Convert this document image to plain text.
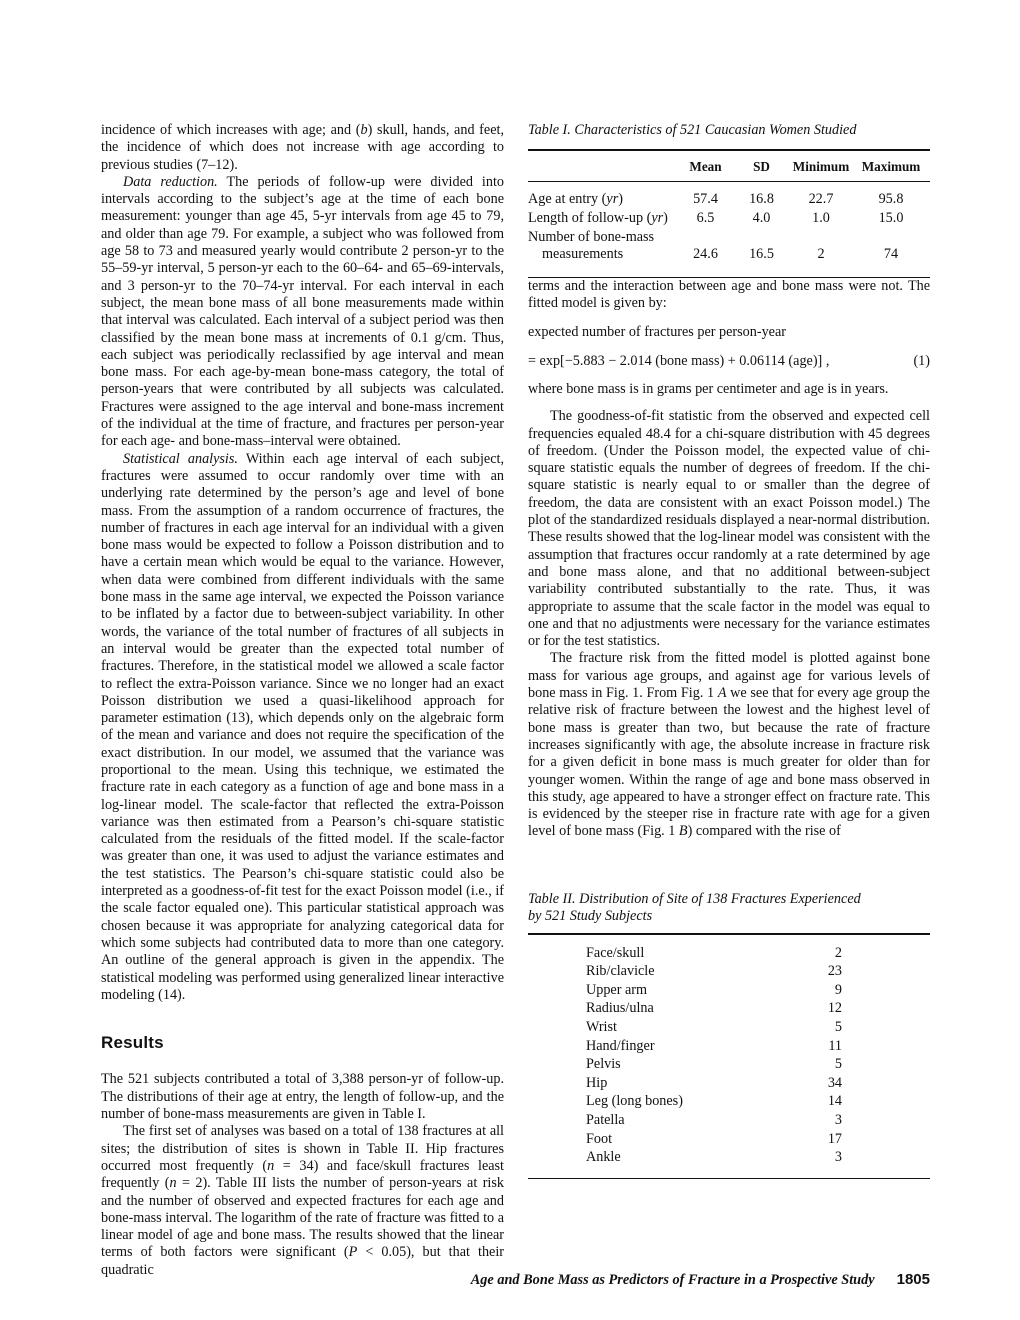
incidence of which increases with age; and (b) skull, hands, and feet, the incidence of which does not increase with age according to previous studies (7–12).

Data reduction. The periods of follow-up were divided into intervals according to the subject’s age at the time of each bone measurement: younger than age 45, 5-yr intervals from age 45 to 79, and older than age 79. For example, a subject who was followed from age 58 to 73 and measured yearly would contribute 2 person-yr to the 55–59-yr interval, 5 person-yr each to the 60–64- and 65–69-intervals, and 3 person-yr to the 70–74-yr interval. For each interval in each subject, the mean bone mass of all bone measurements made within that interval was calculated. Each interval of a subject period was then classified by the mean bone mass at increments of 0.1 g/cm. Thus, each subject was periodically reclassified by age interval and mean bone mass. For each age-by-mean bone-mass category, the total of person-years that were contributed by all subjects was calculated. Fractures were assigned to the age interval and bone-mass increment of the individual at the time of fracture, and fractures per person-year for each age- and bone-mass–interval were obtained.

Statistical analysis. Within each age interval of each subject, fractures were assumed to occur randomly over time with an underlying rate determined by the person’s age and level of bone mass. From the assumption of a random occurrence of fractures, the number of fractures in each age interval for an individual with a given bone mass would be expected to follow a Poisson distribution and to have a certain mean which would be equal to the variance. However, when data were combined from different individuals with the same bone mass in the same age interval, we expected the Poisson variance to be inflated by a factor due to between-subject variability. In other words, the variance of the total number of fractures of all subjects in an interval would be greater than the expected total number of fractures. Therefore, in the statistical model we allowed a scale factor to reflect the extra-Poisson variance. Since we no longer had an exact Poisson distribution we used a quasi-likelihood approach for parameter estimation (13), which depends only on the algebraic form of the mean and variance and does not require the specification of the exact distribution. In our model, we assumed that the variance was proportional to the mean. Using this technique, we estimated the fracture rate in each category as a function of age and bone mass in a log-linear model. The scale-factor that reflected the extra-Poisson variance was then estimated from a Pearson’s chi-square statistic calculated from the residuals of the fitted model. If the scale-factor was greater than one, it was used to adjust the variance estimates and the test statistics. The Pearson’s chi-square statistic could also be interpreted as a goodness-of-fit test for the exact Poisson model (i.e., if the scale factor equaled one). This particular statistical approach was chosen because it was appropriate for analyzing categorical data for which some subjects had contributed data to more than one category. An outline of the general approach is given in the appendix. The statistical modeling was performed using generalized linear interactive modeling (14).

Results

The 521 subjects contributed a total of 3,388 person-yr of follow-up. The distributions of their age at entry, the length of follow-up, and the number of bone-mass measurements are given in Table I.

The first set of analyses was based on a total of 138 fractures at all sites; the distribution of sites is shown in Table II. Hip fractures occurred most frequently (n = 34) and face/skull fractures least frequently (n = 2). Table III lists the number of person-years at risk and the number of observed and expected fractures for each age and bone-mass interval. The logarithm of the rate of fracture was fitted to a linear model of age and bone mass. The results showed that the linear terms of both factors were significant (P < 0.05), but that their quadratic

Table I. Characteristics of 521 Caucasian Women Studied

	Mean	SD	Minimum	Maximum
Age at entry (yr)	57.4	16.8	22.7	95.8
Length of follow-up (yr)	6.5	4.0	1.0	15.0

Number of bone-mass
measurements	24.6	16.5	2	74

terms and the interaction between age and bone mass were not. The fitted model is given by:

expected number of fractures per person-year
= exp[−5.883 − 2.014 (bone mass) + 0.06114 (age)] ,	(1)
where bone mass is in grams per centimeter and age is in years.

The goodness-of-fit statistic from the observed and expected cell frequencies equaled 48.4 for a chi-square distribution with 45 degrees of freedom. (Under the Poisson model, the expected value of chi-square statistic equals the number of degrees of freedom. If the chi-square statistic is nearly equal to or smaller than the degree of freedom, the data are consistent with an exact Poisson model.) The plot of the standardized residuals displayed a near-normal distribution. These results showed that the log-linear model was consistent with the assumption that fractures occur randomly at a rate determined by age and bone mass alone, and that no additional between-subject variability contributed substantially to the rate. Thus, it was appropriate to assume that the scale factor in the model was equal to one and that no adjustments were necessary for the variance estimates or for the test statistics.

The fracture risk from the fitted model is plotted against bone mass for various age groups, and against age for various levels of bone mass in Fig. 1. From Fig. 1 A we see that for every age group the relative risk of fracture between the lowest and the highest level of bone mass is greater than two, but because the rate of fracture increases significantly with age, the absolute increase in fracture risk for a given deficit in bone mass is much greater for older than for younger women. Within the range of age and bone mass observed in this study, age appeared to have a stronger effect on fracture rate. This is evidenced by the steeper rise in fracture rate with age for a given level of bone mass (Fig. 1 B) compared with the rise of

Table II. Distribution of Site of 138 Fractures Experienced
by 521 Study Subjects

Face/skull	2
Rib/clavicle	23
Upper arm	9
Radius/ulna	12
Wrist	5
Hand/finger	11
Pelvis	5
Hip	34
Leg (long bones)	14
Patella	3
Foot	17
Ankle	3
Age and Bone Mass as Predictors of Fracture in a Prospective Study 1805
